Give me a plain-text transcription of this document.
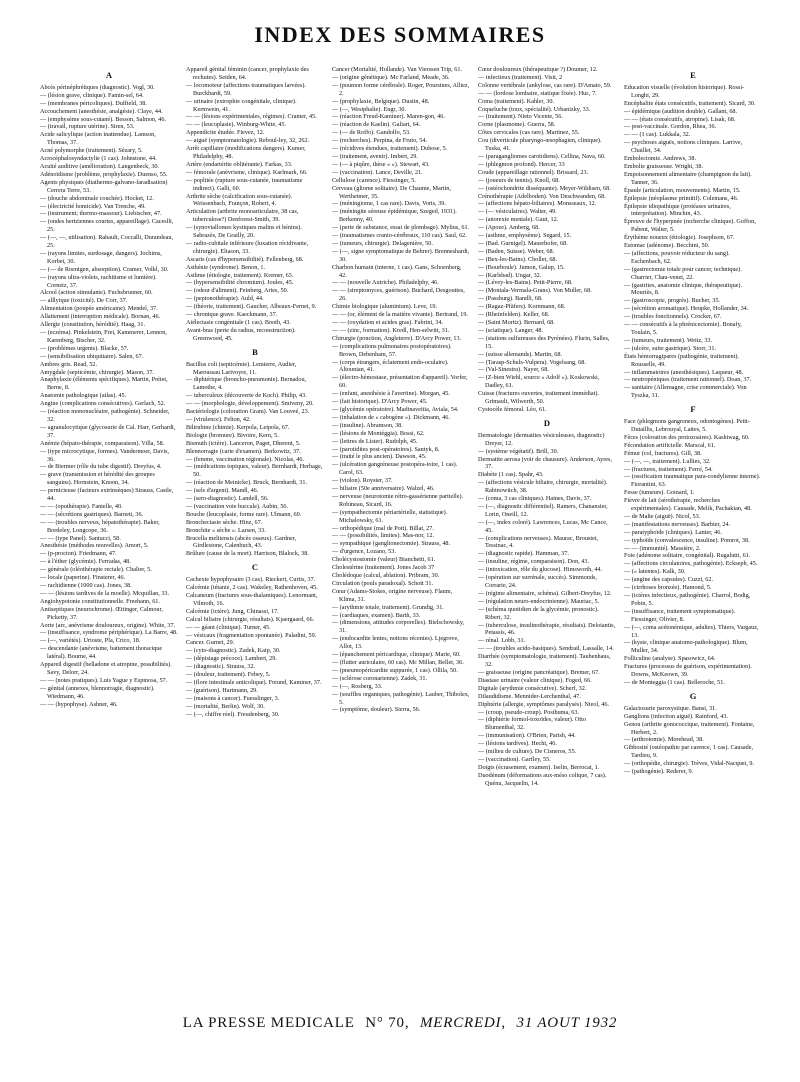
INDEX DES SOMMAIRES
A
Abcès périnéphrétiques (diagnostic). Vogl, 30.
— (lésion grave, clinique). Famin-sel, 64.
— (membranes péricoliques). Duffield, 38.
Accouchement (anesthésie, analgésie). Claye, 44.
— (emphysème sous-cutané). Besson, Salmon, 46.
— (travail, rupture utérine). Siren, 53.
Acide salicylique (action inattendue). Lamson, Thomas, 37.
Acné polymorphe (traitement). Sézary, 5.
Acrocéphalosyndactylie (1 cas). Johnstone, 44.
Acuité auditive (amélioration). Langenbeck, 30.
Adénoïdisme (problème, prophylaxie). Duenso, 55.
Agents physiques (diathermo-galvano-faradisation) Cerrera Terre, 53.
— (douche abdominale couchée). Hocket, 12.
— (électricité homicide). Van Trenche, 49.
— (instrument; thermo-massour). Liebischer, 47.
— (ondes hertziennes courtes, appareillage). Caceslli, 25.
— (—, —, utilisation). Rahault, Coccalli, Durandeau, 25.
— (rayons limites, surdosage, dangers). Jochims, Korbet, 30.
— (— de Roentgen, absorption). Cramer, Volkl, 30.
— (rayons ultra-violets, rachitisme et lumière). Cornetz, 37.
Alcool (action stimulante). Fuchsbrunner, 60.
— alllyique (toxicité). De Corr, 37.
Alimentation (poupée américaine). Mendel, 37.
Allaitement (interruption médicale). Bornan, 46.
Allergie (constitution, hérédité). Haag, 31.
— (eczéma). Pinkelstein, Frei, Kammerer, Lennon, Karenberg, Bischer, 32.
— (problèmes urgents). Blacke, 57.
— (sensibilisation ubiquitaire). Salen, 67.
Ambres gris. Read, 52.
Amygdale (septicémie, chirurgie). Mason, 37.
Anaphylaxie (éléments spécifiques). Martin, Prétet, Berne, 8.
Anatomie pathologique (atlas). 45.
Angine (complications consécutives). Gerlach, 52.
— (réaction mononucléaire, pathogénie). Schneider, 32.
— agranulocytique (glycosurie de Cal. Harr, Gerhardt, 37.
Anémie (hépato-thérapie, comparaison). Villa, 58.
— (type microcytique, formes). Vandermoer, Davis, 36.
— de Biermer (rôle du tube digestif). Dreyfus, 4.
— grave (transmission et hérédité des groupes sanguins). Hornstein, Knoon, 34.
— pernicieuse (facteurs extrinsèques) Strauss, Castle, 44.
— — (opothérapie). Fanielle, 40.
— — (sécrétions gastriques). Barnett, 36.
— — (troubles nerveux, hépatothérapie). Baker, Bordeley, Longcope, 36.
— — (type Panel). Santucci, 58.
Anesthésie (méthodes nouvelles). Amort, 5.
— (p-procton). Friedmann, 47.
— à l'éther (glycémie). Ferradas, 48.
— générale (oléothérapie rectale). Chalier, 5.
— locale (paperine). Finsterer, 46.
— rachidienne (1000 cas). Jones, 38.
— — (lésions tardives de la moelle). Mcquillan, 33.
Angiohypotonie constitutionnelle. Freehann, 61.
Antiseptiques (neurochrome). Œttinger, Calmour, Picketty, 37.
Aorte (arc, anévrisme douloureux, origine). White, 37.
— (insuffisance, syndrome périphérique). La Barre, 48.
— (—, variétés). Urioste, Pla, Crico, 18.
— descendante (anévrisme, battement thoracique latéral). Bourne, 44.
Appareil digestif (belladone et atropine, possibilités). Savy, Delorr, 24.
— — (notes pratiques). Luis Yague y Espinosa, 57.
— génital (annexes, blennorragie, diagnostic). Wiedmann, 46.
— — (hypophyse). Ashner, 46.
Appareil génital féminin (cancer, prophylaxie des rechutes). Seiden, 64.
— locomoteur (affections traumatiques larvées). Burckhardt, 59.
— urinaire (extrophie congénitale, clinique). Kermwein, 41.
— — (lésions expérimentales, régimes). Cramer, 45.
— — (leucoplasie). Winburg-White, 45.
Appendicite étudée. Fievez, 12.
— aiguë (symptomatologie). Reboul-ley, 32, 262.
Arrêt capillaire (modifications dangers). Kumer, Philadelphy, 48.
Artère (endartérite oblitérante). Farkas, 33.
— fémorale (anévrisme, clinique). Karlmark, 66.
— poplitée (rupture sous-cutanée, traumatisme indirect). Galli, 60.
Arthrite sèche (calcification sous-cutanée). Weissenbach, Françon, Robert, 4.
Articulation (arthrite monoarticulaire, 38 cas, tuberculose?) Denforest-Smith, 39.
— (synoviallomes kystiques malins et bénins). Sabrazès, De Grailly, 20.
— radio-cubitale inférieure (luxation récidivante, chirurgie). Eliason, 33.
Ascaris (cas d'hypersensibilité). Fellenberg, 68.
Asthénie (syndrome). Benon, 1.
Asthme (étiologie, traitement). Kremer, 63.
— (hypersensibilité chromium). Joules, 45.
— (odeur d'aliment). Feinberg, Aries, 50.
— (peptonothérapie). Auld, 44.
— (théorie, traitement). Gaucher, Albeaux-Fernet, 9.
— chronique grave. Kaeckmann, 37.
Atélectasie congénitale (1 cas). Booth, 43.
Avant-bras (perte du radius, reconstruction). Greenwood, 45.
B
Bacillus coli (septicémie). Lemierre, Audier, Maroussau Larivoyre, 11.
— diphtérique (broncho-pneumonie). Bernadou, Lamothe, 4.
— tuberculeux (découverte de Koch). Philip, 43.
— — (morphologie, développement). Smiveny, 20.
Bactériologie (coloration Gram). Van Louveé, 23.
— (virulence). Felton, 42.
Bilirubine (chimie). Kerpola, Leipola, 67.
Biologie (bromure). Bivoire, Kern, 5.
Bismuth (ictère). Lanceron, Paget, Dherent, 5.
Blennorragie (carte d'examen). Berkowitz, 37.
— (femme, vaccination régionale). Nicolas, 46.
— (médications topiques, valeur). Bernhardt, Herbage, 50.
— (réaction de Meinicke). Bruck, Bernhardt, 31.
— (sels d'argent). Mandl, 46.
— (sero-diagnostic). Landell, 56.
— (vaccination voie buccale). Aubin, 56.
Bouche (leucoplasie, forme rare). Ulmann, 60.
Bronchectasie sèche. Hinz, 67.
Bronchite « sèche ». Larsen, 33.
Brucella melitensis (abcès osseux). Gardner, Girdlestone, Calenbuch, 43.
Brûlure (cause de la mort). Harrison, Blalock, 38.
C
Cachexie hypophysaire (3 cas). Rieckert, Curtis, 37.
Calcémie (tétanie, 2 cas). Wakeley, Rathenhoven, 45.
Calcaneum (fractures sous-thalamiques). Lenormant, Vilmoth, 16.
Calcémie (ictère). Jung, Chinassi, 17.
Calcul biliaire (chirurgie, résultats). Kjaergaard, 66.
— — géant (clinique). Turner, 45.
— vésicaux (fragmentation spontanée). Paladini, 59.
Cancer. Gurnet, 29.
— (cyto-diagnostic). Zadek, Kaip, 30.
— (dépistage précoce). Lambert, 29.
— (diagnostic). Strauss, 32.
— (douleur, traitement). Febey, 5.
— (flore intestinale anticolique). Freund, Kaminer, 37.
— (guérison). Hartmann, 29.
— (maisons à cancer). Fuesslinger, 3.
— (mortalité, Berlin). Wolf, 30.
— (—, chiffre réel). Freudenberg, 30.
Cancer (Mortalité, Hollande). Van Vierssen Trip, 61.
— (origine génétique). Mc Farland, Meade, 36.
— (poumon forme cérébrale). Roger, Poursines, Alliez, 2.
— (prophylaxie, Belgique). Dustin, 48.
— (—, Westphalie). Engr, 30.
— (réaction Freud-Kaminer). Maren-gon, 46.
— (réaction de Kaelin). Galiart, 64.
— (— de Roffo). Gandolfo, 53.
— (recherches). Perpina, de Fruto, 54.
— (récidives étendues, traitement). Dubose, 5.
— (traitement, avenir). Imbert, 29.
— (— à piqûre, thèse « »). Stewart, 43.
— (vaccination). Lance, Deville, 21.
Cellulose (carence). Fiessinger, 5.
Cerveau (gliome solitaire). De Chaume, Martin, Wertheimer, 35.
— (méningiome, 1 cas rare). Davis, Voris, 39.
— (méningite séreuse épidémique, Szeged, 1931). Berkenny, 40.
— (perte de substance, essai de plombage). Mylius, 61.
— (traumatismes cranio-cérébraux, 110 cas). Saul, 62.
— (tumeurs, chirurgie). Delagenière, 50.
— (—, signe symptomatique de Behrer). Brenneshardt, 30.
Charbon humain (interne, 1 cas). Gans, Schoenberg, 42.
— — (nouvelle Autriche). Philadelphy, 46.
— — (streptomyces, guérison). Buchard, Desgouttes, 26.
Chimie biologique (aluminium). Leve, 19.
— — (or, élément de la matière vivante). Bertrand, 19.
— — (oxydation et acides gras). Fabrini, 34.
— — (zinc, formation). Kredl, Hen-selwitt, 31.
Chirurgie (ponction, Angleterre). D'Arcy Power, 13.
— (complications pulmonaires postopératoires). Brown, Debenham, 57.
— (corps étrangers, éclatement endo-oculaire). Altounian, 41.
— (électro-hémostase, présentation d'appareil). Vorfer, 60.
— (enfant, anesthésie à l'avertine). Morgan, 45.
— (fait historique). D'Arcy Power, 45.
— (glycémie opératoire). Madinaveitia, Aviala, 54.
— (inhalation de « cabogène »). Dickmann, 46.
— (insuline). Abramson, 38.
— (lésions de Montéggia). Bossi, 62.
— (lettres de Lister). Rudolph, 45.
— (parotidites post-opératoires). Santyk, 8.
— (traité le plus ancien). Dawson, 45.
— (ulcération gangréneuse postopéra-toire, 1 cas). Carol, 63.
— (violon). Royster, 37.
— biliaire (50e anniversaire). Walzel, 46.
— nerveuse (neurotomie rétro-gassérienne partielle). Robineau, Sicard, 16.
— (sympathectomie périartérielle, statistique). Michalowsky, 61.
— orthopédique (mal de Pott). Billat, 27.
— — (possibilités, limites). Mas-nor, 12.
— sympathique (ganglionectomie). Strauss, 48.
— d'urgence, Lozano, 53.
Cholécystostomie (valeur) Bianchetti, 61.
Cholestérine (traitement). Jones Jacob 37
Cholédoque (calcul, ablation). Pribram, 30.
Circulation (pouls paradoxal). Schott 31.
Cœur (Adams-Stokes, origine nerveuse). Flaum, Klima, 31.
— (arythmie totale, traitement). Grundig, 31.
— (cardiaques, examen). Barth, 33.
— (dimensions, attitudes corporelles). Bielschowsky, 31.
— (endocardite lentes, notions récentes). Ljegrove, Allot, 13.
— (épanchement péricardique, clinique). Marie, 60.
— (flutter auriculaire, 60 cas). Mc Millan, Bellet, 36.
— (pneumopéricardite suppurée, 1 cas). Ollila, 50.
— (sclérose coronarienne). Zadek, 31.
— (—, Rosberg, 33.
— (souffles organiques, pathogénie). Lauber, Thibolex, 5.
— (symptôme, douleur). Sierra, 56.
Cœur douloureux (thérapeutique ?) Doumer, 12.
— infectieux (traitement). Visit, 2
Colonne vertébrale (ankylose, cas rare). D'Amato, 59.
— — (lordose lombaire, statique fixée). Huc, 7.
Coma (traitement). Kahler, 30.
Coqueluche (toux, spécialité). Urbanizky, 33.
— (traitement). Nieto Vicente, 56.
Corne (plasmome). Guerra, 58.
Côtes cervicales (cas rare). Martinez, 55.
Cou (diverticule pharyngo-œsophagien, clinique). Tuska, 41.
— (paragangliomes carotidiens). Cellina, Nava, 60.
— (phlegmon profond). Hercer, 33
Coude (appareillage rationnel). Brissard, 23.
— (joueurs de tennis). Knoll, 68.
— (ostéochondrite disséquante). Meyer-Wildisen, 68.
Crénothérapie (Adelboden). Von Deschwanden, 68.
— (affections hépato-biliaires). Monsseaux, 12.
— (— vésiculaires). Walter, 49.
— (anorexie mentale). Gaut, 12.
— (Apoze). Amberg, 68.
— (asthme, emphysème). Segard, 15.
— (Bad. Gurnigel). Mauerhofer, 68.
— (Baden, Suisse). Weber, 68.
— (Bex-les-Bains). Chollet, 68.
— (Bourboule). Jumon, Galup, 15.
— (Karlsbad). Ungar, 32.
— (Lévey-les-Bains). Petit-Pierre, 68.
— (Montala-Vermala-Grans). Von Muller, 68.
— (Passhurg). Bandli, 68.
— (Ragaz-Pfäfers). Kornmann, 68.
— (Rheinfelden). Keller, 68.
— (Saint Moritz). Bernard, 68.
— (sciatique). Langer, 48.
— (stations sulfureuses des Pyrénées). Flurin, Salles, 15.
— (suisse allemands). Martin, 68.
— (Tarasp-Schuls-Vulpera). Vogelsang, 68.
— (Val-Sinestra). Nayer, 68.
— (Z-bien Wiehl, source « Adolf »). Koskowski, Dadley, 61.
Cuisse (fractures ouvertes, traitement immédiat). Grimault, Wilwerth, 50.
Cystocèle fémoral. Léo, 61.
D
Dermatologie (dermatites vésiculeuses, diagnostic) Dreyer, 12.
— (système végétatif). Brill, 30.
Dermatite aerosa (voir de chausure). Anderson, Ayres, 37.
Diabète (1 cas). Spahr, 43.
— (affections vésicule biliaire, chirurgie, mortalité). Rabinowitch, 38.
— (coma, 3 cas cliniques). Haines, Davis, 37.
— (—, diagnostic différentiel). Ramers, Chanansier, Lorin, Oneill, 12.
— (—, index coloré). Lawrences, Lucas, Mc Cance, 45.
— (complications nerveuses). Maurac, Broustet, Tessinac, 4.
— (diagnostic rapide). Hamman, 37.
— (insuline, régime, comparaison). Don, 43.
— (intoxication, rôle du glucose). Himsworth, 44.
— (opération sur surrénale, succès). Simmonds, Corrarie, 24.
— (régime alimentaire, schéma). Gilbert-Dreyfus, 12.
— (régulation neuro-endocrinienne). Mauriac, 5.
— (schéma quotidien de la glycémie, pronostic). Ribert, 32.
— (tuberculose, insulinothérapie, résultats). Deloiantis, Petassis, 46.
— rénal. Lobb, 31.
— — (troubles acido-basiques). Sendrail, Lassalle, 14.
Diarrhée (symptomatologie, traitement). Taubenhaus, 32.
— graisseuse (origine pancréatique). Bremer, 67.
Diastase urinaire (valeur clinique). Foged, 66.
Digitale (arythmie consécutive). Scherf, 32.
Dilaudidisme. Mennider-Lerchenthal, 47.
Diphtérie (allergie, symptômes paralysés). Nieol, 46.
— (croup, pseudo-croup). Posthuma, 63.
— (diphtérie formol-toxoïdes, valeur). Otto Blumenthal, 32.
— (immunisation). O'Brien, Parish, 44.
— (lésions tardives). Hecht, 46.
— (milieu de culture). De Cisneros, 55.
— (vaccination). Garfley, 55.
Doigts (écrasement, examen). Iselin, Berrocat, 1.
Duodénum (déformations aux-méso colique, 7 cas). Quénu, Jacquelin, 14.
E
Education visuelle (évolution historique). Rossi-Longhi, 29.
Encéphalite états consécutifs, traitement). Sicard, 30.
— épidémique (audition double). Gallant, 68.
— — (états consécutifs, atropine). Lisak, 68.
— post-vaccinale. Gordon, Rhea, 36.
— — (1 cas). Lukkala, 32.
— psychoses aiguës, notions cliniques. Larrive, Chaillet, 34.
Embolectomie. Andrews, 38.
Embolie graisseuse. Wright, 38.
Empoisonnement alimentaire (champignon du lait). Tanner, 36.
Épaule (articulation, mouvements). Martin, 15.
Épilepsie (néoplasme primitif). Colemans, 46.
Épilepsie idiopathique (protéases urinaires, interprétation). Minchin, 43.
Épreuve de l'hyperpnée (recherche clinique). Goffon, Pabent, Walter, 5.
Érythème noueux (étiologie). Josephson, 67.
Estomac (adénome). Becchini, 50.
— (affections, pouvoir réducteur du sang). Eschenbach, 62.
— (gastrectomie totale pour cancer, technique). Charrier, Chau-venet, 22.
— (gastrites, anatomie clinique, thérapeutique). Mouriès, 8.
— (gastroscopie, progrès). Bucher, 35.
— (sécrétion aromatique). Heupke, Hollander, 34.
— (troubles fonctionnels). Crocker, 67.
— — consécutifs à la phrénicectomie). Bonafy, Toulain, 5.
— (tumeurs, traitement). Weitz, 33.
— (ulcère, suite gastrique). Storr, 31.
États hémorragipares (pathogénie, traitement). Rousselle, 49.
— inflammatoires (anesthésiques). Laqueur, 48.
— neutropéniques (traitement rationnel). Doan, 37.
— sanitaire (Allemagne, crise commerciale). Von Tyszka, 31.
F
Face (phlegmons gangreneux, odontogènes). Petit-Dutaillis, Lebrouyal, Lattes, 5.
Fèces (coloration des protozoaires). Kashiwag, 60.
Fécondation artificielle. Marscal, 61.
Fémur (col, fractures). Gill, 38.
— (—, —, traitement). Lullies, 32.
— (fractures, traitement). Ferré, 54.
— (ossification traumatique para-condylienne interne). Fiorantini, 63.
Fesse (tumeurs). Goinard, 1.
Fièvre de lait (sérothérapie, recherches expérimentales). Causade, Melik, Pachakian, 48.
— de Malte (aiguë). Nicol, 53.
— (manifestations nerveuses). Barbier, 24.
— paratyphoïde (cliniques). Lanter, 46.
— typhoïde (convalescence, insuline). Pomrot, 38.
— — (immunité). Massière, 2.
Foie (adénome solitaire, congénital). Rugalutti, 61.
— (affections circulatoires, pathogénie). Eckseph, 45.
— (« latentes). Kalk, 30.
— (angine des capsules). Cuzzi, 62.
— (cirrhoses bronzée). Hamond, 5.
— (ictères infectieux, pathogénie). Charrol, Bodig, Pobin, 5.
— (insuffisance, traitement symptomatique). Fiessinger, Olivier, 8.
— (—, coma acétonémique, adultes). Thiers, Vargauz, 13.
— (kyste, clinique anatomo-pathologique). Blum, Muller, 34.
Folliculine (analyse). Spasowicz, 64.
Fractures (processus de guérison, expérimentation). Downs, McKeown, 39.
— de Monteggia (1 cas). Belleroche, 51.
G
Galactosurie paroxystique. Bansi, 31.
Ganglions (infection aiguë). Rainford, 43.
Genou (arthrite gonococcique, traitement). Fontaine, Herbert, 2.
— (arthrotomie). Morehead, 38.
Gibbosité (ostéopathie par carence, 1 cas). Causade, Tardieu, 9.
— (orthopédie, chirurgie). Trèves, Vidal-Nacquet, 9.
— (pathogénie). Rederer, 9.
LA PRESSE MEDICALE N° 70, MERCREDI, 31 AOUT 1932
